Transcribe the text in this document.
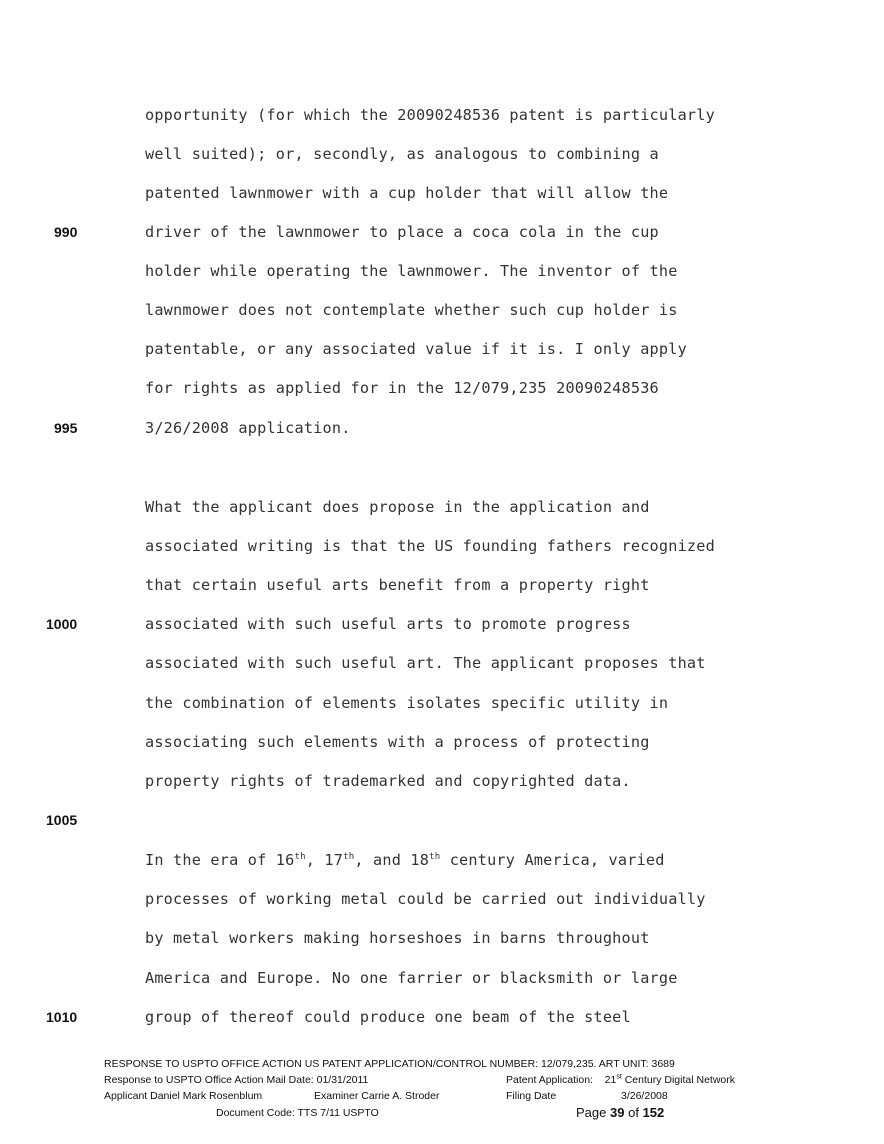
opportunity (for which the 20090248536 patent is particularly
well suited); or, secondly, as analogous to combining a
patented lawnmower with a cup holder that will allow the
driver of the lawnmower to place a coca cola in the cup
holder while operating the lawnmower. The inventor of the
lawnmower does not contemplate whether such cup holder is
patentable, or any associated value if it is. I only apply
for rights as applied for in the 12/079,235 20090248536
3/26/2008 application.
What the applicant does propose in the application and
associated writing is that the US founding fathers recognized
that certain useful arts benefit from a property right
associated with such useful arts to promote progress
associated with such useful art. The applicant proposes that
the combination of elements isolates specific utility in
associating such elements with a process of protecting
property rights of trademarked and copyrighted data.
In the era of 16th, 17th, and 18th century America, varied
processes of working metal could be carried out individually
by metal workers making horseshoes in barns throughout
America and Europe. No one farrier or blacksmith or large
group of thereof could produce one beam of the steel
990
995
1000
1005
1010
RESPONSE TO USPTO OFFICE ACTION US PATENT APPLICATION/CONTROL NUMBER: 12/079,235. ART UNIT: 3689
Response to USPTO Office Action Mail Date: 01/31/2011	Patent Application: 21st Century Digital Network
Applicant Daniel Mark Rosenblum	Examiner Carrie A. Stroder	Filing Date	3/26/2008
Document Code: TTS 7/11 USPTO	Page 39 of 152
